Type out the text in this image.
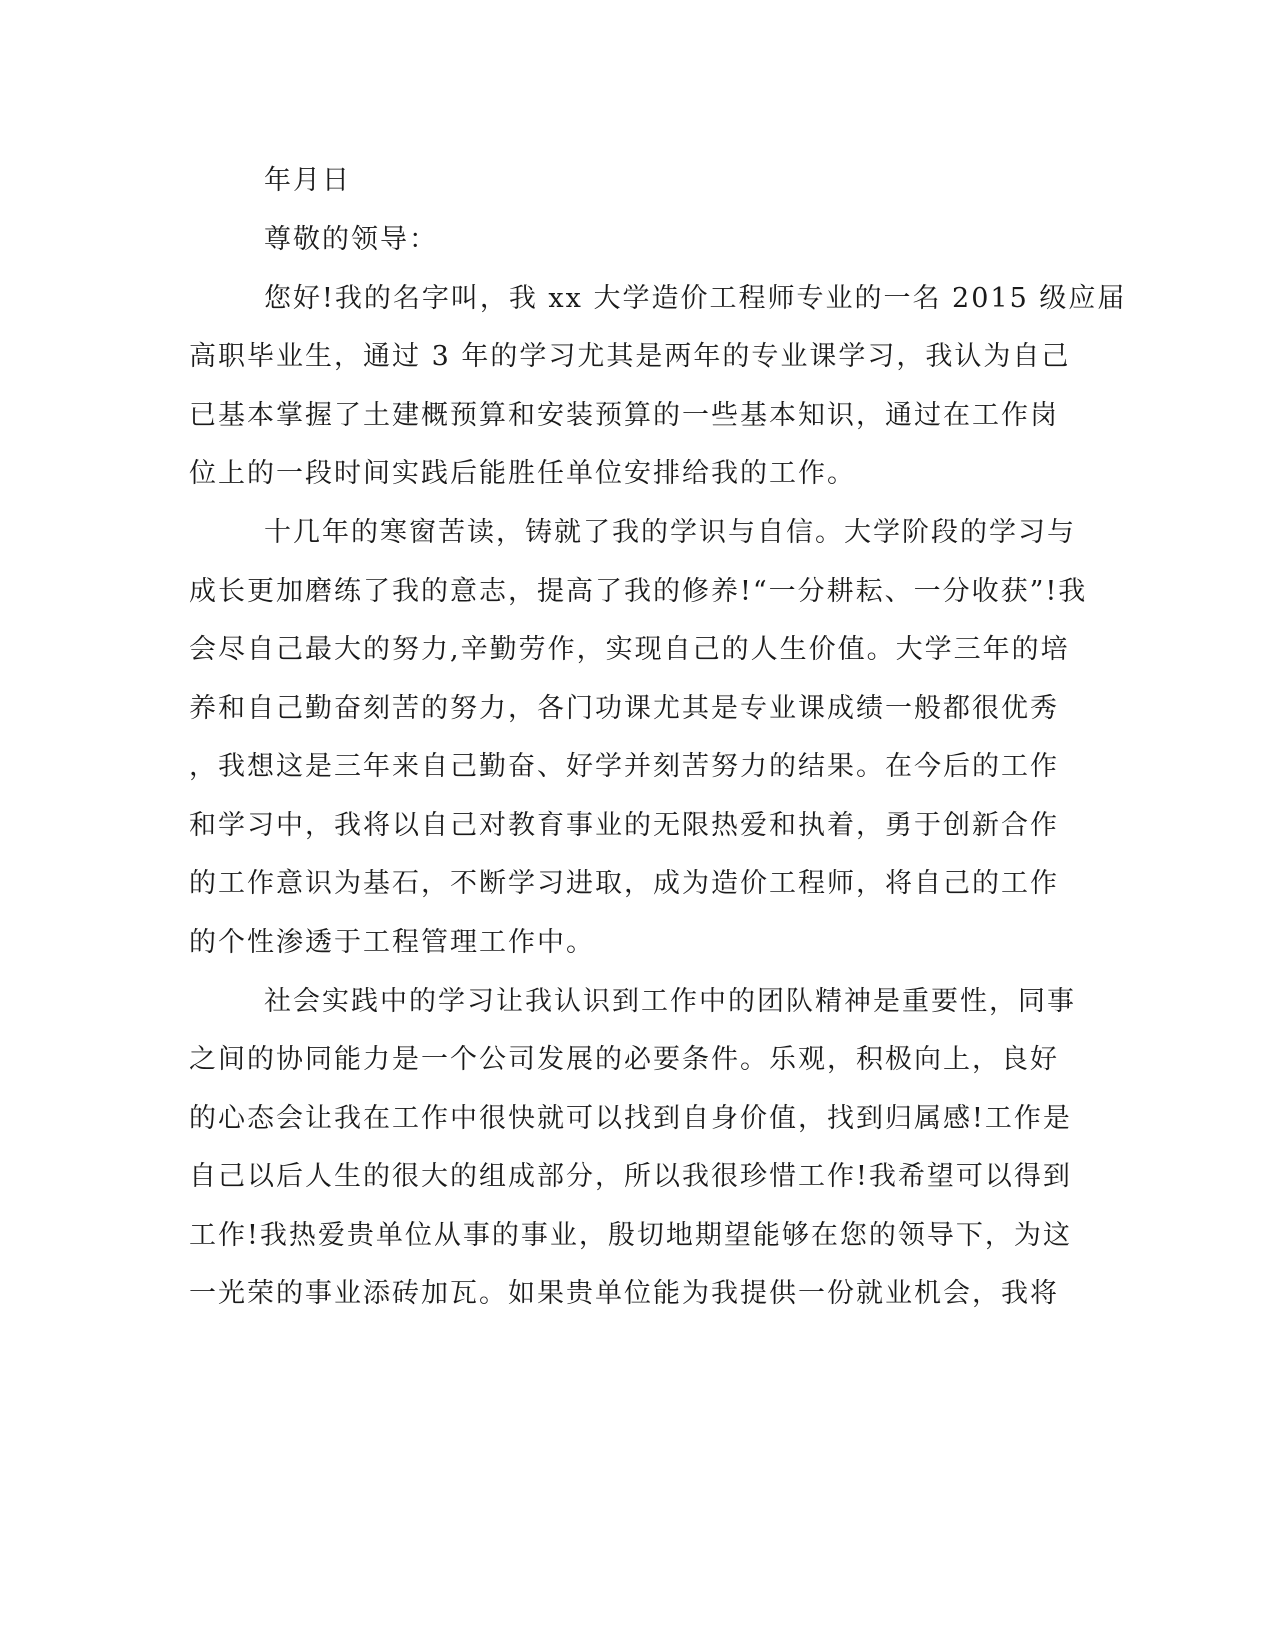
年月日
尊敬的领导：
您好!我的名字叫，我 xx 大学造价工程师专业的一名 2015 级应届
高职毕业生，通过 3 年的学习尤其是两年的专业课学习，我认为自己
已基本掌握了土建概预算和安装预算的一些基本知识，通过在工作岗
位上的一段时间实践后能胜任单位安排给我的工作。
十几年的寒窗苦读，铸就了我的学识与自信。大学阶段的学习与
成长更加磨练了我的意志，提高了我的修养!“一分耕耘、一分收获”!我
会尽自己最大的努力,辛勤劳作，实现自己的人生价值。大学三年的培
养和自己勤奋刻苦的努力，各门功课尤其是专业课成绩一般都很优秀
，我想这是三年来自己勤奋、好学并刻苦努力的结果。在今后的工作
和学习中，我将以自己对教育事业的无限热爱和执着，勇于创新合作
的工作意识为基石，不断学习进取，成为造价工程师，将自己的工作
的个性渗透于工程管理工作中。
社会实践中的学习让我认识到工作中的团队精神是重要性，同事
之间的协同能力是一个公司发展的必要条件。乐观，积极向上，良好
的心态会让我在工作中很快就可以找到自身价值，找到归属感!工作是
自己以后人生的很大的组成部分，所以我很珍惜工作!我希望可以得到
工作!我热爱贵单位从事的事业，殷切地期望能够在您的领导下，为这
一光荣的事业添砖加瓦。如果贵单位能为我提供一份就业机会，我将
